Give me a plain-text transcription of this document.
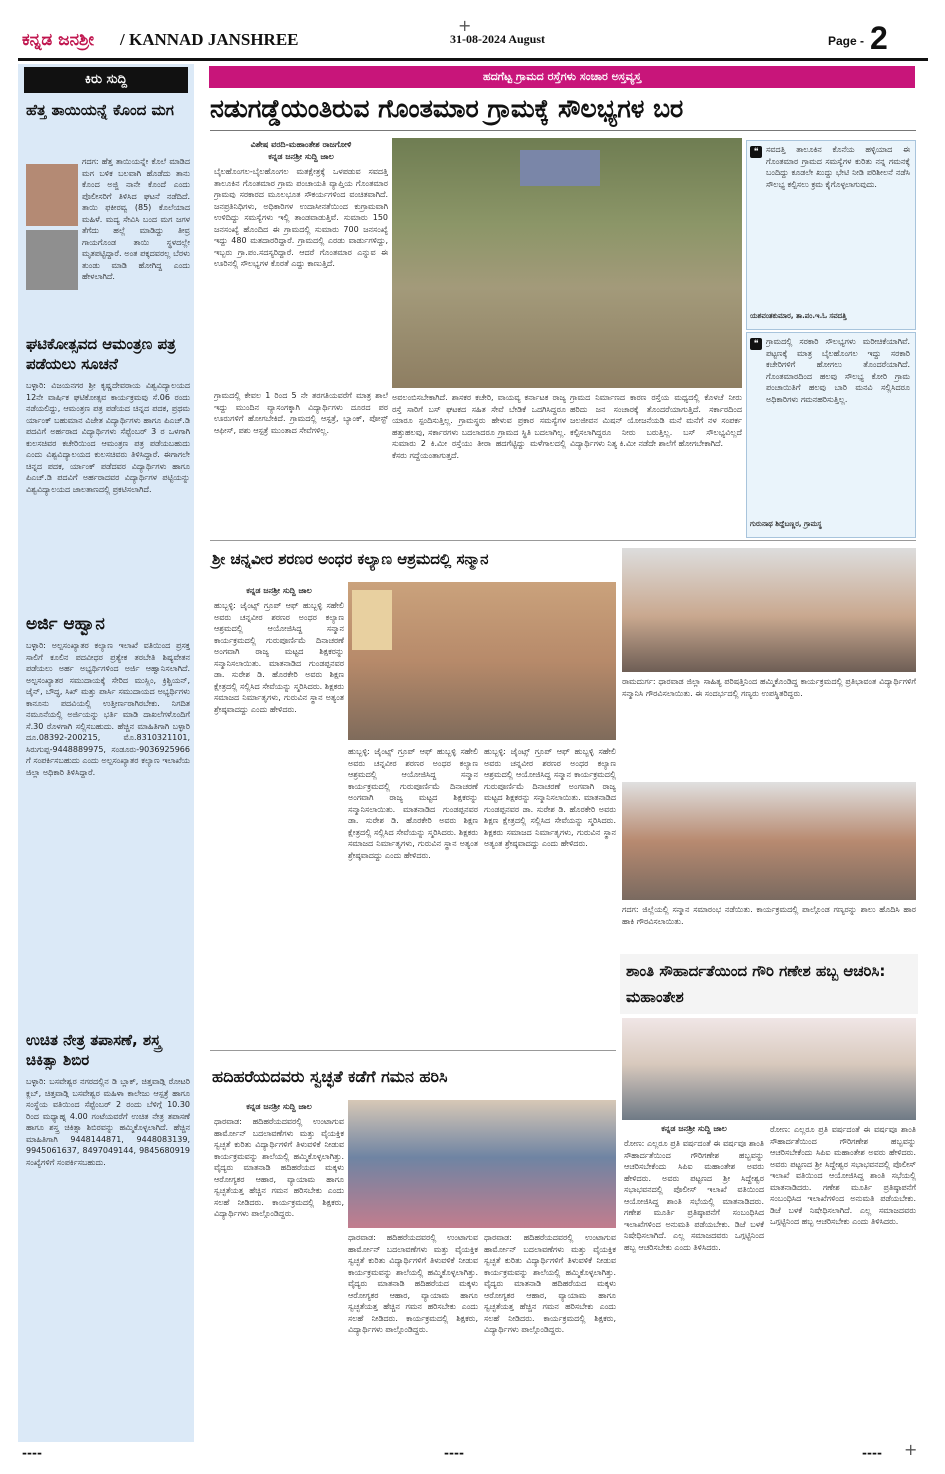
ಕನ್ನಡ ಜನಶ್ರೀ / KANNAD JANSHREE	31-08-2024 August	Page - 2
+
ಕಿರು ಸುದ್ದಿ
ಹೆತ್ತ ತಾಯಿಯನ್ನೆ ಕೊಂದ ಮಗ
ಗದಗ: ಹೆತ್ತ ತಾಯಿಯನ್ನೇ ಕೊಲೆ ಮಾಡಿದ ಮಗ ಬಳಿಕ ಬಲವಾಗಿ ಹೊಡೆದು ತಾನು ಕೊಂದ ಅಜ್ಜಿ ನಾನೇ ಕೊಂದೆ ಎಂದು ಪೊಲೀಸರಿಗೆ ತಿಳಿಸಿದ ಘಟನೆ ನಡೆದಿದೆ. ತಾಯಿ ಫಕೀರವ್ವ (85) ಕೊಲೆಯಾದ ಮಹಿಳೆ. ಮದ್ಯ ಸೇವಿಸಿ ಬಂದ ಮಗ ಜಗಳ ತೆಗೆದು ಹಲ್ಲೆ ಮಾಡಿದ್ದು ತೀವ್ರ ಗಾಯಗೊಂಡ ತಾಯಿ ಸ್ಥಳದಲ್ಲೇ ಮೃತಪಟ್ಟಿದ್ದಾರೆ. ಅಂತ ಪಕ್ಕದವರಲ್ಲ ಬೆರಳು ತುಂಡು ಮಾಡಿ ಹೋಗಿದ್ದ ಎಂದು ಹೇಳಲಾಗಿದೆ.
ಘಟಿಕೋತ್ಸವದ ಆಮಂತ್ರಣ ಪತ್ರ ಪಡೆಯಲು ಸೂಚನೆ
ಬಳ್ಳಾರಿ: ವಿಜಯನಗರ ಶ್ರೀ ಕೃಷ್ಣದೇವರಾಯ ವಿಶ್ವವಿದ್ಯಾಲಯದ 12ನೇ ವಾರ್ಷಿಕ ಘಟಿಕೋತ್ಸವ ಕಾರ್ಯಕ್ರಮವು ಸೆ.06 ರಂದು ನಡೆಯಲಿದ್ದು, ಆಮಂತ್ರಣ ಪತ್ರ ಪಡೆಯದ ಚಿನ್ನದ ಪದಕ, ಪ್ರಥಮ ರ್ಯಾಂಕ್ ಬಹುಮಾನ ವಿಜೇತ ವಿದ್ಯಾರ್ಥಿಗಳು ಹಾಗೂ ಪಿಎಚ್.ಡಿ ಪದವಿಗೆ ಅರ್ಹರಾದ ವಿದ್ಯಾರ್ಥಿಗಳು ಸೆಪ್ಟೆಂಬರ್ 3 ರ ಒಳಗಾಗಿ ಕುಲಸಚಿವರ ಕಚೇರಿಯಿಂದ ಆಮಂತ್ರಣ ಪತ್ರ ಪಡೆಯಬಹುದು ಎಂದು ವಿಶ್ವವಿದ್ಯಾಲಯದ ಕುಲಸಚಿವರು ತಿಳಿಸಿದ್ದಾರೆ. ಈಗಾಗಲೇ ಚಿನ್ನದ ಪದಕ, ರ್ಯಾಂಕ್ ಪಡೆದವರ ವಿದ್ಯಾರ್ಥಿಗಳು ಹಾಗೂ ಪಿಎಚ್.ಡಿ ಪದವಿಗೆ ಅರ್ಹರಾದವರ ವಿದ್ಯಾರ್ಥಿಗಳ ಪಟ್ಟಿಯನ್ನು ವಿಶ್ವವಿದ್ಯಾಲಯದ ಜಾಲತಾಣದಲ್ಲಿ ಪ್ರಕಟಿಸಲಾಗಿದೆ.
ಅರ್ಜಿ ಆಹ್ವಾನ
ಬಳ್ಳಾರಿ: ಅಲ್ಪಸಂಖ್ಯಾತರ ಕಲ್ಯಾಣ ಇಲಾಖೆ ವತಿಯಿಂದ ಪ್ರಸಕ್ತ ಸಾಲಿಗೆ ಕೂಲಿನ ಪದವೀಧರ ಪ್ರತ್ಯೇಕ ತರಬೇತಿ ಶಿಷ್ಯವೇತನ ಪಡೆಯಲು ಅರ್ಹ ಅಭ್ಯರ್ಥಿಗಳಿಂದ ಅರ್ಜಿ ಆಹ್ವಾನಿಸಲಾಗಿದೆ. ಅಲ್ಪಸಂಖ್ಯಾತರ ಸಮುದಾಯಕ್ಕೆ ಸೇರಿದ ಮುಸ್ಲಿಂ, ಕ್ರಿಶ್ಚಿಯನ್, ಜೈನ್, ಬೌದ್ಧ, ಸಿಖ್ ಮತ್ತು ಪಾರ್ಸಿ ಸಮುದಾಯದ ಅಭ್ಯರ್ಥಿಗಳು ಕಾನೂನು ಪದವಿಯಲ್ಲಿ ಉತ್ತೀರ್ಣರಾಗಿರಬೇಕು. ನಿಗದಿತ ನಮೂನೆಯಲ್ಲಿ ಅರ್ಜಿಯನ್ನು ಭರ್ತಿ ಮಾಡಿ ದಾಖಲೆಗಳೊಂದಿಗೆ ಸೆ.30 ರೊಳಗಾಗಿ ಸಲ್ಲಿಸಬಹುದು. ಹೆಚ್ಚಿನ ಮಾಹಿತಿಗಾಗಿ ಬಳ್ಳಾರಿ ದೂ.08392-200215, ಮೊ.8310321101, ಸಿರುಗುಪ್ಪ-9448889975, ಸಂಡೂರು-9036925966 ಗೆ ಸಂಪರ್ಕಿಸಬಹುದು ಎಂದು ಅಲ್ಪಸಂಖ್ಯಾತರ ಕಲ್ಯಾಣ ಇಲಾಖೆಯ ಜಿಲ್ಲಾ ಅಧಿಕಾರಿ ತಿಳಿಸಿದ್ದಾರೆ.
ಉಚಿತ ನೇತ್ರ ತಪಾಸಣೆ, ಶಸ್ತ್ರ ಚಿಕಿತ್ಸಾ ಶಿಬಿರ
ಬಳ್ಳಾರಿ: ಬಸವೇಶ್ವರ ನಗರದಲ್ಲಿನ ಡಿ ಬ್ಲಾಕ್, ಚಿತ್ತವಾಡ್ಗಿ ರೋಟರಿ ಕ್ಲಬ್, ಚಿತ್ತವಾಡ್ಗಿ ಬಸವೇಶ್ವರ ಮಹಿಳಾ ಕಾಲೇಜು ಆಸ್ಪತ್ರೆ ಹಾಗೂ ಸಂಸ್ಥೆಯ ವತಿಯಿಂದ ಸೆಪ್ಟೆಂಬರ್ 2 ರಂದು ಬೆಳಿಗ್ಗೆ 10.30 ರಿಂದ ಮಧ್ಯಾಹ್ನ 4.00 ಗಂಟೆಯವರೆಗೆ ಉಚಿತ ನೇತ್ರ ತಪಾಸಣೆ ಹಾಗೂ ಶಸ್ತ್ರ ಚಿಕಿತ್ಸಾ ಶಿಬಿರವನ್ನು ಹಮ್ಮಿಕೊಳ್ಳಲಾಗಿದೆ. ಹೆಚ್ಚಿನ ಮಾಹಿತಿಗಾಗಿ 9448144871, 9448083139, 9945061637, 8497049144, 9845680919 ಸಂಖ್ಯೆಗಳಿಗೆ ಸಂಪರ್ಕಿಸಬಹುದು.
ಹದಗೆಟ್ಟ ಗ್ರಾಮದ ರಸ್ತೆಗಳು ಸಂಚಾರ ಅಸ್ತವ್ಯಸ್ತ
ನಡುಗಡ್ಡೆಯಂತಿರುವ ಗೊಂತಮಾರ ಗ್ರಾಮಕ್ಕೆ ಸೌಲಭ್ಯಗಳ ಬರ
ವಿಶೇಷ ವರದಿ-ಮಹಾಂತೇಶ ರಾಜಗೋಳಿ
ಕನ್ನಡ ಜನಶ್ರೀ ಸುದ್ದಿ ಜಾಲ
ಬೈಲಹೊಂಗಲ-ಬೈಲಹೊಂಗಲ ಮತಕ್ಷೇತ್ರಕ್ಕೆ ಒಳಪಡುವ ಸವದತ್ತಿ ತಾಲೂಕಿನ ಗೊಂತಮಾರ ಗ್ರಾಮ ಪಂಚಾಯತಿ ವ್ಯಾಪ್ತಿಯ ಗೊಂತಮಾರ ಗ್ರಾಮವು ಸರಕಾರದ ಮೂಲಭೂತ ಸೌಕರ್ಯಗಳಿಂದ ವಂಚಿತವಾಗಿದೆ. ಜನಪ್ರತಿನಿಧಿಗಳು, ಅಧಿಕಾರಿಗಳ ಉದಾಸೀನತೆಯಿಂದ ಕುಗ್ರಾಮವಾಗಿ ಉಳಿದಿದ್ದು ಸಮಸ್ಯೆಗಳು ಇಲ್ಲಿ ತಾಂಡವಾಡುತ್ತಿವೆ. ಸುಮಾರು 150 ಜನಸಂಖ್ಯೆ ಹೊಂದಿದ ಈ ಗ್ರಾಮದಲ್ಲಿ ಸುಮಾರು 700 ಜನಸಂಖ್ಯೆ ಇದ್ದು 480 ಮತದಾರರಿದ್ದಾರೆ. ಗ್ರಾಮದಲ್ಲಿ ಎರಡು ವಾರ್ಡುಗಳಿದ್ದು, ಇಬ್ಬರು ಗ್ರಾ.ಪಂ.ಸದಸ್ಯರಿದ್ದಾರೆ. ಆದರೆ ಗೊಂತಮಾರ ಎನ್ನುವ ಈ ಊರಿನಲ್ಲಿ ಸೌಲಭ್ಯಗಳ ಕೊರತೆ ಎದ್ದು ಕಾಣುತ್ತಿದೆ.
ಗ್ರಾಮದಲ್ಲಿ ಕೇವಲ 1 ರಿಂದ 5 ನೇ ತರಗತಿಯವರೆಗೆ ಮಾತ್ರ ಶಾಲೆ ಇದ್ದು ಮುಂದಿನ ವ್ಯಾಸಂಗಕ್ಕಾಗಿ ವಿದ್ಯಾರ್ಥಿಗಳು ದೂರದ ಪರ ಊರುಗಳಿಗೆ ಹೋಗಬೇಕಿದೆ. ಗ್ರಾಮದಲ್ಲಿ ಆಸ್ಪತ್ರೆ, ಬ್ಯಾಂಕ್, ಪೋಸ್ಟ್ ಆಫೀಸ್, ಪಶು ಆಸ್ಪತ್ರೆ ಮುಂತಾದ ಸೇವೆಗಳಿಲ್ಲ.
ಅವಲಂಬಿಸಬೇಕಾಗಿದೆ. ಶಾಸಕರ ಕಚೇರಿ, ವಾಯವ್ಯ ಕರ್ನಾಟಕ ರಾಜ್ಯ ರಸ್ತೆ ಸಾರಿಗೆ ಬಸ್ ಘಟಕದ ಸಹಿತ ಸೇವೆ ಬೇಡಿಕೆ ಒದಗಿಸಿದ್ದರೂ ಯಾರೂ ಸ್ಪಂದಿಸುತ್ತಿಲ್ಲ. ಗ್ರಾಮಸ್ಥರು ಹೇಳುವ ಪ್ರಕಾರ ಸಮಸ್ಯೆಗಳ ಹತ್ತುಹಲವು, ಸರ್ಕಾರಗಳು ಬದಲಾದರೂ ಗ್ರಾಮದ ಸ್ಥಿತಿ ಬದಲಾಗಿಲ್ಲ. ಸುಮಾರು 2 ಕಿ.ಮೀ ರಸ್ತೆಯು ತೀರಾ ಹದಗೆಟ್ಟಿದ್ದು ಮಳೆಗಾಲದಲ್ಲಿ ಕೆಸರು ಗದ್ದೆಯಂತಾಗುತ್ತದೆ.
ಗ್ರಾಮದ ನಿರ್ಮಾಣದ ಕಾರಣ ರಸ್ತೆಯ ಮಧ್ಯದಲ್ಲಿ ಕೊಳಚೆ ನೀರು ಹರಿದು ಜನ ಸಂಚಾರಕ್ಕೆ ತೊಂದರೆಯಾಗುತ್ತಿದೆ. ಸರ್ಕಾರದಿಂದ ಜಲಜೀವನ ಮಿಷನ್ ಯೋಜನೆಯಡಿ ಮನೆ ಮನೆಗೆ ನಳ ಸಂಪರ್ಕ ಕಲ್ಪಿಸಲಾಗಿದ್ದರೂ ನೀರು ಬರುತ್ತಿಲ್ಲ. ಬಸ್ ಸೌಲಭ್ಯವಿಲ್ಲದೆ ವಿದ್ಯಾರ್ಥಿಗಳು ನಿತ್ಯ ಕಿ.ಮೀ ನಡೆದೇ ಶಾಲೆಗೆ ಹೋಗಬೇಕಾಗಿದೆ.
❝ ಸವದತ್ತಿ ತಾಲೂಕಿನ ಕೊನೆಯ ಹಳ್ಳಿಯಾದ ಈ ಗೊಂತಮಾರ ಗ್ರಾಮದ ಸಮಸ್ಯೆಗಳ ಕುರಿತು ನನ್ನ ಗಮನಕ್ಕೆ ಬಂದಿದ್ದು ಕೂಡಲೇ ಖುದ್ದು ಭೇಟಿ ನೀಡಿ ಪರಿಶೀಲನೆ ನಡೆಸಿ ಸೌಲಭ್ಯ ಕಲ್ಪಿಸಲು ಕ್ರಮ ಕೈಗೊಳ್ಳಲಾಗುವುದು.
ಯಶವಂತಕುಮಾರ, ತಾ.ಪಂ.ಇ.ಓ ಸವದತ್ತಿ
❝ ಗ್ರಾಮದಲ್ಲಿ ಸರಕಾರಿ ಸೌಲಭ್ಯಗಳು ಮರೀಚಿಕೆಯಾಗಿವೆ. ಪಟ್ಟಣಕ್ಕೆ ಮಾತ್ರ ಬೈಲಹೊಂಗಲ ಇದ್ದು ಸರಕಾರಿ ಕಚೇರಿಗಳಿಗೆ ಹೋಗಲು ತೊಂದರೆಯಾಗಿದೆ. ಗೊಂತಮಾರದಿಂದ ಹಲವು ಸೌಲಭ್ಯ ಕೋರಿ ಗ್ರಾಮ ಪಂಚಾಯಿತಿಗೆ ಹಲವು ಬಾರಿ ಮನವಿ ಸಲ್ಲಿಸಿದರೂ ಅಧಿಕಾರಿಗಳು ಗಮನಹರಿಸುತ್ತಿಲ್ಲ.
ಗುರುನಾಥ ಶಿದ್ದೆಬಣ್ಣರ, ಗ್ರಾಮಸ್ಥ
ಶ್ರೀ ಚನ್ನವೀರ ಶರಣರ ಅಂಧರ ಕಲ್ಯಾಣ ಆಶ್ರಮದಲ್ಲಿ ಸನ್ಮಾನ
ಕನ್ನಡ ಜನಶ್ರೀ ಸುದ್ದಿ ಜಾಲ
ಹುಬ್ಬಳ್ಳಿ: ಜೈಂಟ್ಸ್ ಗ್ರೂಪ್ ಆಫ್ ಹುಬ್ಬಳ್ಳಿ ಸಹೇಲಿ ಅವರು ಚನ್ನವೀರ ಶರಣರ ಅಂಧರ ಕಲ್ಯಾಣ ಆಶ್ರಮದಲ್ಲಿ ಆಯೋಜಿಸಿದ್ದ ಸನ್ಮಾನ ಕಾರ್ಯಕ್ರಮದಲ್ಲಿ ಗುರುಪೂರ್ಣಿಮೆ ದಿನಾಚರಣೆ ಅಂಗವಾಗಿ ರಾಜ್ಯ ಮಟ್ಟದ ಶಿಕ್ಷಕರನ್ನು ಸನ್ಮಾನಿಸಲಾಯಿತು. ಮಾತನಾಡಿದ ಗುಂಡಪ್ಪನವರ ಡಾ. ಸುರೇಶ ಡಿ. ಹೊರಕೇರಿ ಅವರು ಶಿಕ್ಷಣ ಕ್ಷೇತ್ರದಲ್ಲಿ ಸಲ್ಲಿಸಿದ ಸೇವೆಯನ್ನು ಸ್ಮರಿಸಿದರು. ಶಿಕ್ಷಕರು ಸಮಾಜದ ನಿರ್ಮಾತೃಗಳು, ಗುರುವಿನ ಸ್ಥಾನ ಅತ್ಯಂತ ಶ್ರೇಷ್ಠವಾದದ್ದು ಎಂದು ಹೇಳಿದರು.
ಹುಬ್ಬಳ್ಳಿ: ಜೈಂಟ್ಸ್ ಗ್ರೂಪ್ ಆಫ್ ಹುಬ್ಬಳ್ಳಿ ಸಹೇಲಿ ಅವರು ಚನ್ನವೀರ ಶರಣರ ಅಂಧರ ಕಲ್ಯಾಣ ಆಶ್ರಮದಲ್ಲಿ ಆಯೋಜಿಸಿದ್ದ ಸನ್ಮಾನ ಕಾರ್ಯಕ್ರಮದಲ್ಲಿ ಗುರುಪೂರ್ಣಿಮೆ ದಿನಾಚರಣೆ ಅಂಗವಾಗಿ ರಾಜ್ಯ ಮಟ್ಟದ ಶಿಕ್ಷಕರನ್ನು ಸನ್ಮಾನಿಸಲಾಯಿತು. ಮಾತನಾಡಿದ ಗುಂಡಪ್ಪನವರ ಡಾ. ಸುರೇಶ ಡಿ. ಹೊರಕೇರಿ ಅವರು ಶಿಕ್ಷಣ ಕ್ಷೇತ್ರದಲ್ಲಿ ಸಲ್ಲಿಸಿದ ಸೇವೆಯನ್ನು ಸ್ಮರಿಸಿದರು. ಶಿಕ್ಷಕರು ಸಮಾಜದ ನಿರ್ಮಾತೃಗಳು, ಗುರುವಿನ ಸ್ಥಾನ ಅತ್ಯಂತ ಶ್ರೇಷ್ಠವಾದದ್ದು ಎಂದು ಹೇಳಿದರು.
ಹುಬ್ಬಳ್ಳಿ: ಜೈಂಟ್ಸ್ ಗ್ರೂಪ್ ಆಫ್ ಹುಬ್ಬಳ್ಳಿ ಸಹೇಲಿ ಅವರು ಚನ್ನವೀರ ಶರಣರ ಅಂಧರ ಕಲ್ಯಾಣ ಆಶ್ರಮದಲ್ಲಿ ಆಯೋಜಿಸಿದ್ದ ಸನ್ಮಾನ ಕಾರ್ಯಕ್ರಮದಲ್ಲಿ ಗುರುಪೂರ್ಣಿಮೆ ದಿನಾಚರಣೆ ಅಂಗವಾಗಿ ರಾಜ್ಯ ಮಟ್ಟದ ಶಿಕ್ಷಕರನ್ನು ಸನ್ಮಾನಿಸಲಾಯಿತು. ಮಾತನಾಡಿದ ಗುಂಡಪ್ಪನವರ ಡಾ. ಸುರೇಶ ಡಿ. ಹೊರಕೇರಿ ಅವರು ಶಿಕ್ಷಣ ಕ್ಷೇತ್ರದಲ್ಲಿ ಸಲ್ಲಿಸಿದ ಸೇವೆಯನ್ನು ಸ್ಮರಿಸಿದರು. ಶಿಕ್ಷಕರು ಸಮಾಜದ ನಿರ್ಮಾತೃಗಳು, ಗುರುವಿನ ಸ್ಥಾನ ಅತ್ಯಂತ ಶ್ರೇಷ್ಠವಾದದ್ದು ಎಂದು ಹೇಳಿದರು.
ರಾಮದುರ್ಗ: ಧಾರವಾಡ ಜಿಲ್ಲಾ ಸಾಹಿತ್ಯ ಪರಿಷತ್ತಿನಿಂದ ಹಮ್ಮಿಕೊಂಡಿದ್ದ ಕಾರ್ಯಕ್ರಮದಲ್ಲಿ ಪ್ರತಿಭಾವಂತ ವಿದ್ಯಾರ್ಥಿಗಳಿಗೆ ಸನ್ಮಾನಿಸಿ ಗೌರವಿಸಲಾಯಿತು. ಈ ಸಂದರ್ಭದಲ್ಲಿ ಗಣ್ಯರು ಉಪಸ್ಥಿತರಿದ್ದರು.
ಗದಗ: ಜಿಲ್ಲೆಯಲ್ಲಿ ಸನ್ಮಾನ ಸಮಾರಂಭ ನಡೆಯಿತು. ಕಾರ್ಯಕ್ರಮದಲ್ಲಿ ಪಾಲ್ಗೊಂಡ ಗಣ್ಯರನ್ನು ಶಾಲು ಹೊದಿಸಿ ಹಾರ ಹಾಕಿ ಗೌರವಿಸಲಾಯಿತು.
ಶಾಂತಿ ಸೌಹಾರ್ದತೆಯಿಂದ ಗೌರಿ ಗಣೇಶ ಹಬ್ಬ ಆಚರಿಸಿ: ಮಹಾಂತೇಶ
ಕನ್ನಡ ಜನಶ್ರೀ ಸುದ್ದಿ ಜಾಲ
ರೋಣ: ಎಲ್ಲರೂ ಪ್ರತಿ ವರ್ಷದಂತೆ ಈ ವರ್ಷವೂ ಶಾಂತಿ ಸೌಹಾರ್ದತೆಯಿಂದ ಗೌರಿಗಣೇಶ ಹಬ್ಬವನ್ನು ಆಚರಿಸಬೇಕೆಂದು ಸಿಪಿಐ ಮಹಾಂತೇಶ ಅವರು ಹೇಳಿದರು. ಅವರು ಪಟ್ಟಣದ ಶ್ರೀ ಸಿದ್ದೇಶ್ವರ ಸಭಾಭವನದಲ್ಲಿ ಪೊಲೀಸ್ ಇಲಾಖೆ ವತಿಯಿಂದ ಆಯೋಜಿಸಿದ್ದ ಶಾಂತಿ ಸಭೆಯಲ್ಲಿ ಮಾತನಾಡಿದರು. ಗಣೇಶ ಮೂರ್ತಿ ಪ್ರತಿಷ್ಠಾಪನೆಗೆ ಸಂಬಂಧಿಸಿದ ಇಲಾಖೆಗಳಿಂದ ಅನುಮತಿ ಪಡೆಯಬೇಕು. ಡಿಜೆ ಬಳಕೆ ನಿಷೇಧಿಸಲಾಗಿದೆ. ಎಲ್ಲ ಸಮಾಜದವರು ಒಗ್ಗಟ್ಟಿನಿಂದ ಹಬ್ಬ ಆಚರಿಸಬೇಕು ಎಂದು ತಿಳಿಸಿದರು.
ರೋಣ: ಎಲ್ಲರೂ ಪ್ರತಿ ವರ್ಷದಂತೆ ಈ ವರ್ಷವೂ ಶಾಂತಿ ಸೌಹಾರ್ದತೆಯಿಂದ ಗೌರಿಗಣೇಶ ಹಬ್ಬವನ್ನು ಆಚರಿಸಬೇಕೆಂದು ಸಿಪಿಐ ಮಹಾಂತೇಶ ಅವರು ಹೇಳಿದರು. ಅವರು ಪಟ್ಟಣದ ಶ್ರೀ ಸಿದ್ದೇಶ್ವರ ಸಭಾಭವನದಲ್ಲಿ ಪೊಲೀಸ್ ಇಲಾಖೆ ವತಿಯಿಂದ ಆಯೋಜಿಸಿದ್ದ ಶಾಂತಿ ಸಭೆಯಲ್ಲಿ ಮಾತನಾಡಿದರು. ಗಣೇಶ ಮೂರ್ತಿ ಪ್ರತಿಷ್ಠಾಪನೆಗೆ ಸಂಬಂಧಿಸಿದ ಇಲಾಖೆಗಳಿಂದ ಅನುಮತಿ ಪಡೆಯಬೇಕು. ಡಿಜೆ ಬಳಕೆ ನಿಷೇಧಿಸಲಾಗಿದೆ. ಎಲ್ಲ ಸಮಾಜದವರು ಒಗ್ಗಟ್ಟಿನಿಂದ ಹಬ್ಬ ಆಚರಿಸಬೇಕು ಎಂದು ತಿಳಿಸಿದರು.
ಹದಿಹರೆಯದವರು ಸ್ವಚ್ಛತೆ ಕಡೆಗೆ ಗಮನ ಹರಿಸಿ
ಕನ್ನಡ ಜನಶ್ರೀ ಸುದ್ದಿ ಜಾಲ
ಧಾರವಾಡ: ಹದಿಹರೆಯದವರಲ್ಲಿ ಉಂಟಾಗುವ ಹಾರ್ಮೋನ್ ಬದಲಾವಣೆಗಳು ಮತ್ತು ವೈಯಕ್ತಿಕ ಸ್ವಚ್ಛತೆ ಕುರಿತು ವಿದ್ಯಾರ್ಥಿಗಳಿಗೆ ತಿಳುವಳಿಕೆ ನೀಡುವ ಕಾರ್ಯಕ್ರಮವನ್ನು ಶಾಲೆಯಲ್ಲಿ ಹಮ್ಮಿಕೊಳ್ಳಲಾಗಿತ್ತು. ವೈದ್ಯರು ಮಾತನಾಡಿ ಹದಿಹರೆಯದ ಮಕ್ಕಳು ಆರೋಗ್ಯಕರ ಆಹಾರ, ವ್ಯಾಯಾಮ ಹಾಗೂ ಸ್ವಚ್ಛತೆಯತ್ತ ಹೆಚ್ಚಿನ ಗಮನ ಹರಿಸಬೇಕು ಎಂದು ಸಲಹೆ ನೀಡಿದರು. ಕಾರ್ಯಕ್ರಮದಲ್ಲಿ ಶಿಕ್ಷಕರು, ವಿದ್ಯಾರ್ಥಿಗಳು ಪಾಲ್ಗೊಂಡಿದ್ದರು.
ಧಾರವಾಡ: ಹದಿಹರೆಯದವರಲ್ಲಿ ಉಂಟಾಗುವ ಹಾರ್ಮೋನ್ ಬದಲಾವಣೆಗಳು ಮತ್ತು ವೈಯಕ್ತಿಕ ಸ್ವಚ್ಛತೆ ಕುರಿತು ವಿದ್ಯಾರ್ಥಿಗಳಿಗೆ ತಿಳುವಳಿಕೆ ನೀಡುವ ಕಾರ್ಯಕ್ರಮವನ್ನು ಶಾಲೆಯಲ್ಲಿ ಹಮ್ಮಿಕೊಳ್ಳಲಾಗಿತ್ತು. ವೈದ್ಯರು ಮಾತನಾಡಿ ಹದಿಹರೆಯದ ಮಕ್ಕಳು ಆರೋಗ್ಯಕರ ಆಹಾರ, ವ್ಯಾಯಾಮ ಹಾಗೂ ಸ್ವಚ್ಛತೆಯತ್ತ ಹೆಚ್ಚಿನ ಗಮನ ಹರಿಸಬೇಕು ಎಂದು ಸಲಹೆ ನೀಡಿದರು. ಕಾರ್ಯಕ್ರಮದಲ್ಲಿ ಶಿಕ್ಷಕರು, ವಿದ್ಯಾರ್ಥಿಗಳು ಪಾಲ್ಗೊಂಡಿದ್ದರು.
ಧಾರವಾಡ: ಹದಿಹರೆಯದವರಲ್ಲಿ ಉಂಟಾಗುವ ಹಾರ್ಮೋನ್ ಬದಲಾವಣೆಗಳು ಮತ್ತು ವೈಯಕ್ತಿಕ ಸ್ವಚ್ಛತೆ ಕುರಿತು ವಿದ್ಯಾರ್ಥಿಗಳಿಗೆ ತಿಳುವಳಿಕೆ ನೀಡುವ ಕಾರ್ಯಕ್ರಮವನ್ನು ಶಾಲೆಯಲ್ಲಿ ಹಮ್ಮಿಕೊಳ್ಳಲಾಗಿತ್ತು. ವೈದ್ಯರು ಮಾತನಾಡಿ ಹದಿಹರೆಯದ ಮಕ್ಕಳು ಆರೋಗ್ಯಕರ ಆಹಾರ, ವ್ಯಾಯಾಮ ಹಾಗೂ ಸ್ವಚ್ಛತೆಯತ್ತ ಹೆಚ್ಚಿನ ಗಮನ ಹರಿಸಬೇಕು ಎಂದು ಸಲಹೆ ನೀಡಿದರು. ಕಾರ್ಯಕ್ರಮದಲ್ಲಿ ಶಿಕ್ಷಕರು, ವಿದ್ಯಾರ್ಥಿಗಳು ಪಾಲ್ಗೊಂಡಿದ್ದರು.
----	----	---- +
